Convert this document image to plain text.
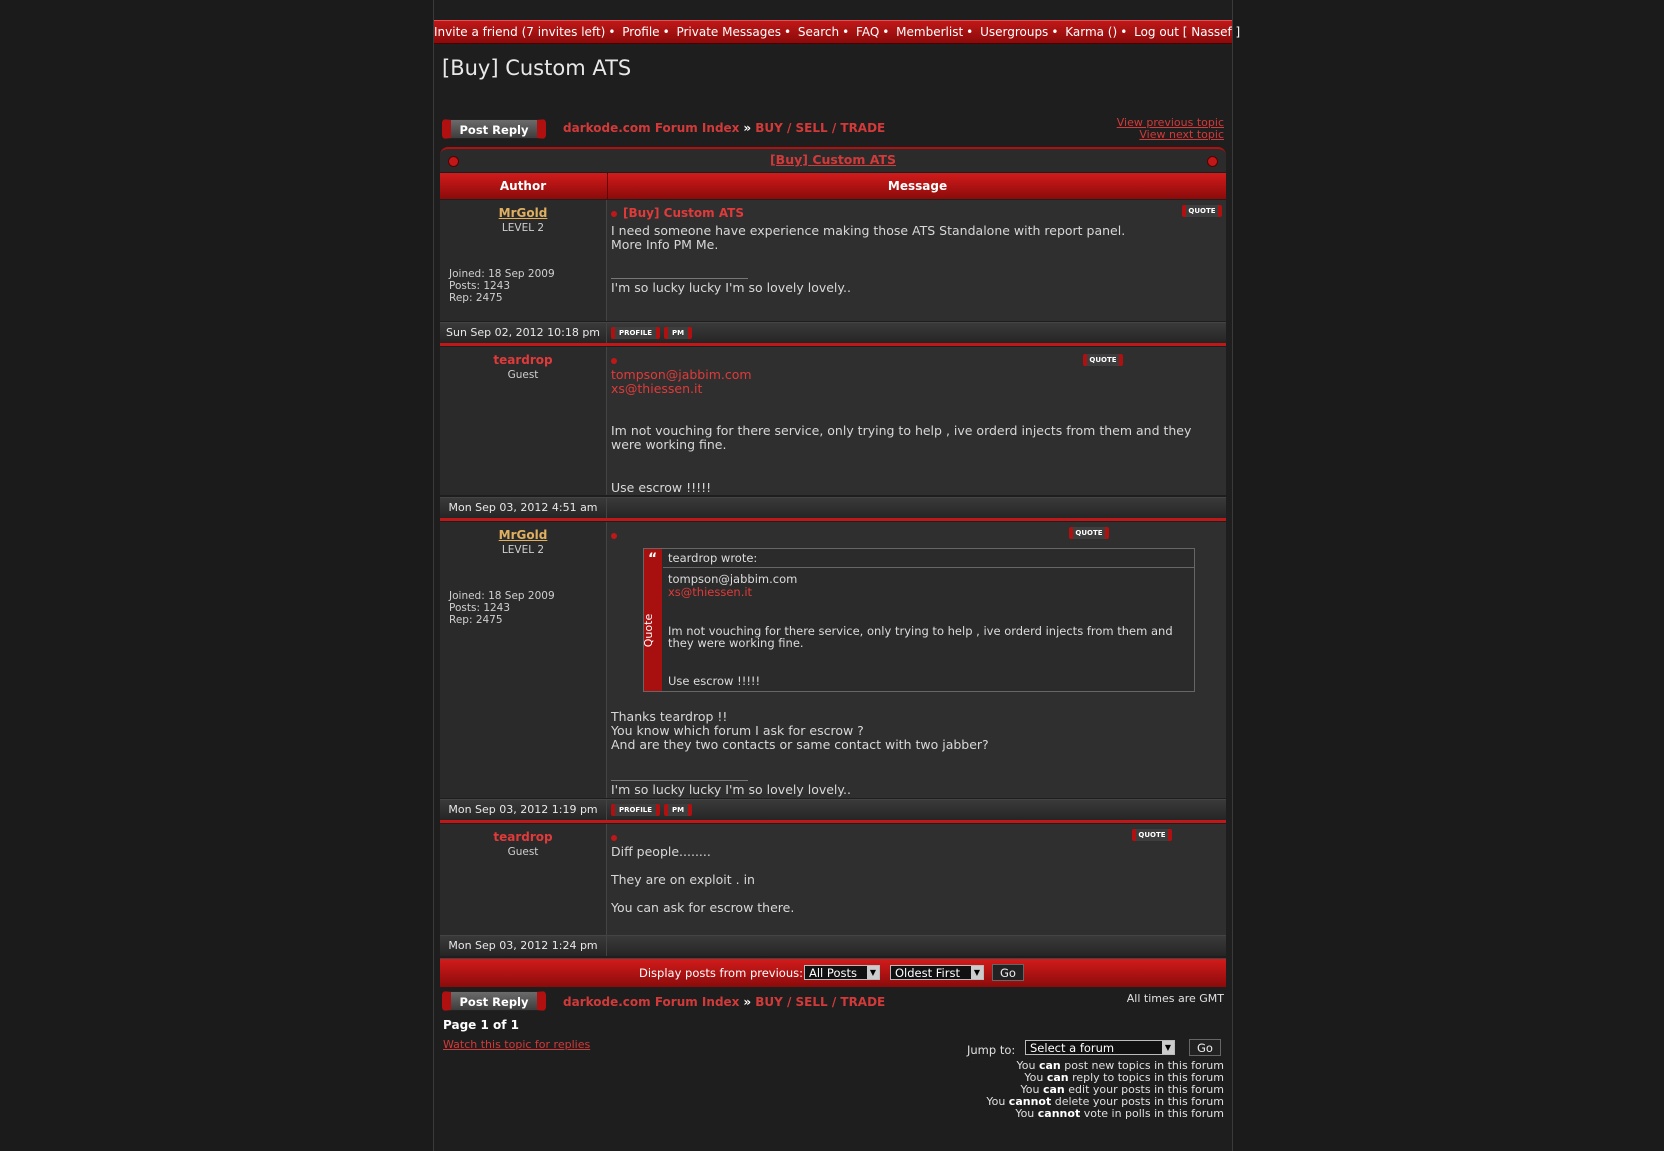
Invite a friend (7 invites left) • Profile • Private Messages • Search • FAQ • Memberlist • Usergroups • Karma () • Log out [ Nassef ]
[Buy] Custom ATS
Post Reply	darkode.com Forum Index » BUY / SELL / TRADE	View previous topic
View next topic
[Buy] Custom ATS
Author	Message
MrGold
LEVEL 2
Joined: 18 Sep 2009
Posts: 1243
Rep: 2475
[Buy] Custom ATS	QUOTE
I need someone have experience making those ATS Standalone with report panel.
More Info PM Me.
I'm so lucky lucky I'm so lovely lovely..
Sun Sep 02, 2012 10:18 pm	PROFILE	PM
teardrop
Guest
QUOTE
tompson@jabbim.com
xs@thiessen.it
Im not vouching for there service, only trying to help , ive orderd injects from them and they
were working fine.
Use escrow !!!!!
Mon Sep 03, 2012 4:51 am
MrGold
LEVEL 2
Joined: 18 Sep 2009
Posts: 1243
Rep: 2475
QUOTE
“
Quote
teardrop wrote:
tompson@jabbim.com
xs@thiessen.it
Im not vouching for there service, only trying to help , ive orderd injects from them and
they were working fine.
Use escrow !!!!!
Thanks teardrop !!
You know which forum I ask for escrow ?
And are they two contacts or same contact with two jabber?
I'm so lucky lucky I'm so lovely lovely..
Mon Sep 03, 2012 1:19 pm	PROFILE	PM
teardrop
Guest
QUOTE
Diff people........
They are on exploit . in
You can ask for escrow there.
Mon Sep 03, 2012 1:24 pm
Display posts from previous: All Posts	▼	Oldest First	▼	Go
Post Reply	darkode.com Forum Index » BUY / SELL / TRADE	All times are GMT
Page 1 of 1
Watch this topic for replies	Jump to:	Select a forum	▼	Go
You can post new topics in this forum
You can reply to topics in this forum
You can edit your posts in this forum
You cannot delete your posts in this forum
You cannot vote in polls in this forum
